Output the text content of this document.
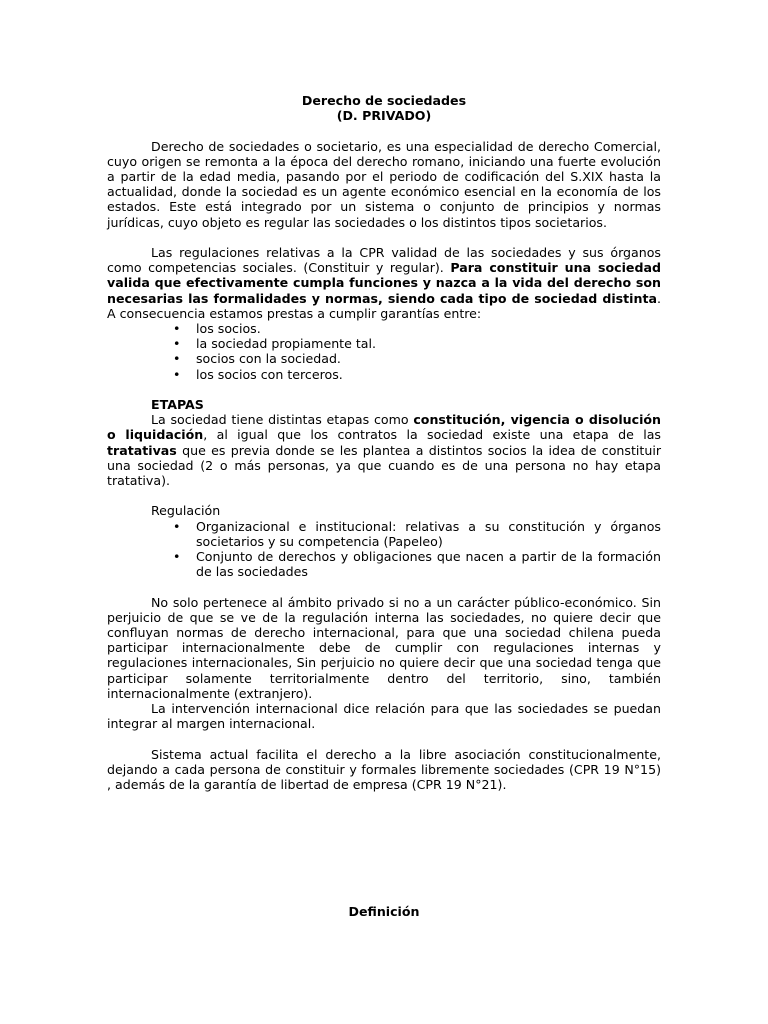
Derecho de sociedades

(D. PRIVADO)

Derecho de sociedades o societario, es una especialidad de derecho Comercial, cuyo origen se remonta a la época del derecho romano, iniciando una fuerte evolución a partir de la edad media, pasando por el periodo de codificación del S.XIX hasta la actualidad, donde la sociedad es un agente económico esencial en la economía de los estados. Este está integrado por un sistema o conjunto de principios y normas jurídicas, cuyo objeto es regular las sociedades o los distintos tipos societarios.

Las regulaciones relativas a la CPR validad de las sociedades y sus órganos como competencias sociales. (Constituir y regular). Para constituir una sociedad valida que efectivamente cumpla funciones y nazca a la vida del derecho son necesarias las formalidades y normas, siendo cada tipo de sociedad distinta. A consecuencia estamos prestas a cumplir garantías entre:

• los socios.
• la sociedad propiamente tal.
• socios con la sociedad.
• los socios con terceros.

ETAPAS

La sociedad tiene distintas etapas como constitución, vigencia o disolución o liquidación, al igual que los contratos la sociedad existe una etapa de las tratativas que es previa donde se les plantea a distintos socios la idea de constituir una sociedad (2 o más personas, ya que cuando es de una persona no hay etapa tratativa).

Regulación

• Organizacional e institucional: relativas a su constitución y órganos societarios y su competencia (Papeleo)
• Conjunto de derechos y obligaciones que nacen a partir de la formación de las sociedades

No solo pertenece al ámbito privado si no a un carácter público-económico. Sin perjuicio de que se ve de la regulación interna las sociedades, no quiere decir que confluyan normas de derecho internacional, para que una sociedad chilena pueda participar internacionalmente debe de cumplir con regulaciones internas y regulaciones internacionales, Sin perjuicio no quiere decir que una sociedad tenga que participar solamente territorialmente dentro del territorio, sino, también internacionalmente (extranjero).

La intervención internacional dice relación para que las sociedades se puedan integrar al margen internacional.

Sistema actual facilita el derecho a la libre asociación constitucionalmente, dejando a cada persona de constituir y formales libremente sociedades (CPR 19 N°15) , además de la garantía de libertad de empresa (CPR 19 N°21).

Definición
